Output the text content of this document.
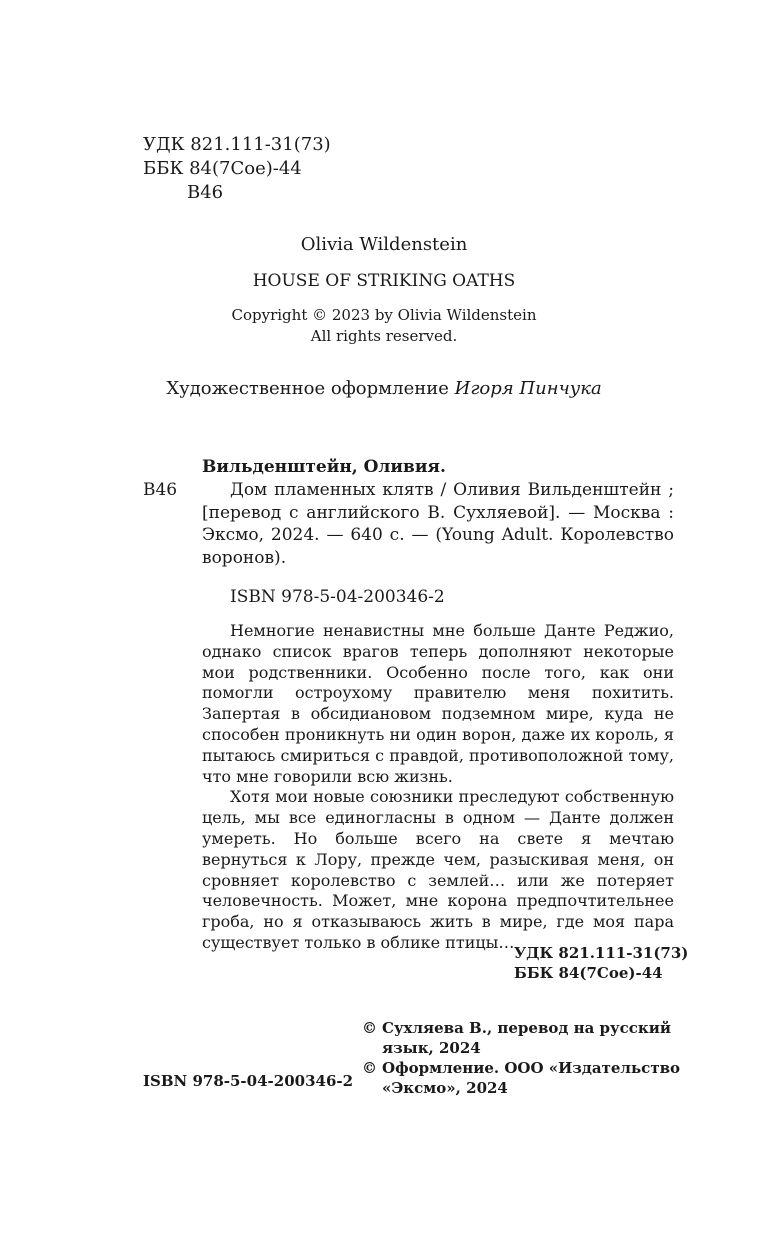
УДК 821.111-31(73)
ББК 84(7Сое)-44
В46
Olivia Wildenstein
HOUSE OF STRIKING OATHS
Copyright © 2023 by Olivia Wildenstein
All rights reserved.
Художественное оформление Игоря Пинчука
Вильденштейн, Оливия.
В46	Дом пламенных клятв / Оливия Вильденштейн ; [перевод с английского В. Сухляевой]. — Москва : Эксмо, 2024. — 640 с. — (Young Adult. Королевство воронов).
ISBN 978-5-04-200346-2

Немногие ненавистны мне больше Данте Реджио, однако список врагов теперь дополняют некоторые мои родственники. Особенно после того, как они помогли остроухому правителю меня похитить. Запертая в обсидиановом подземном мире, куда не способен проникнуть ни один ворон, даже их король, я пытаюсь смириться с правдой, противоположной тому, что мне говорили всю жизнь.

Хотя мои новые союзники преследуют собственную цель, мы все единогласны в одном — Данте должен умереть. Но больше всего на свете я мечтаю вернуться к Лору, прежде чем, разыскивая меня, он сровняет королевство с землей… или же потеряет человечность. Может, мне корона предпочтительнее гроба, но я отказываюсь жить в мире, где моя пара существует только в облике птицы…

УДК 821.111-31(73)
ББК 84(7Сое)-44
ISBN 978-5-04-200346-2
© Сухляева В., перевод на русский язык, 2024
© Оформление. ООО «Издательство «Эксмо», 2024
